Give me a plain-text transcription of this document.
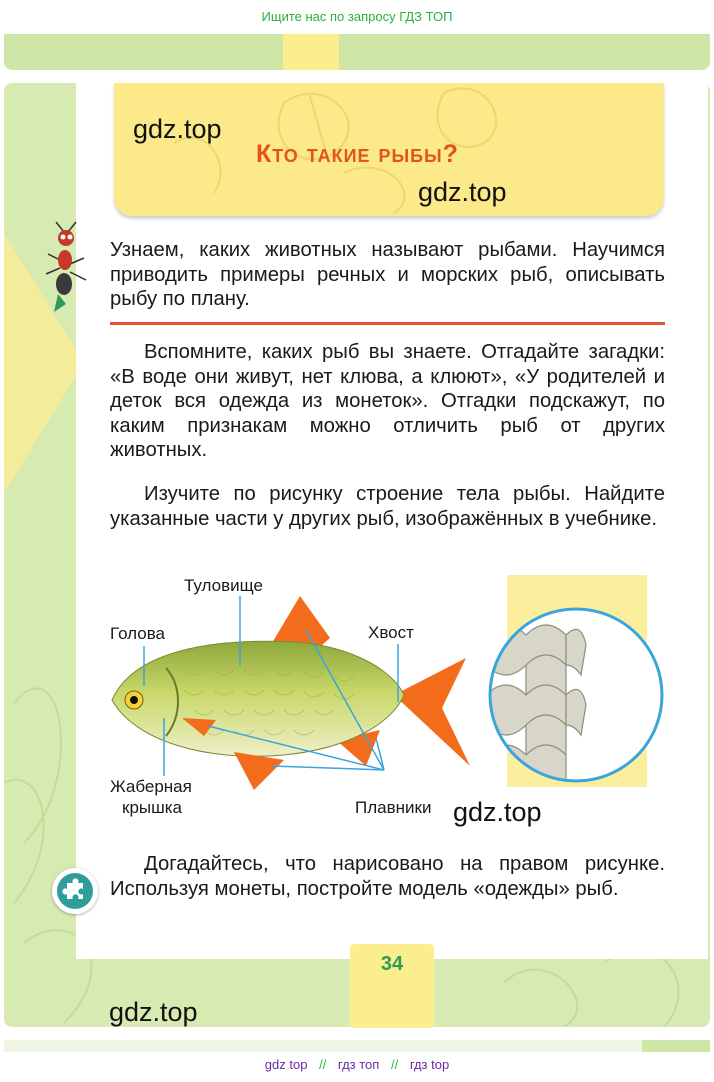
Ищите нас по запросу ГДЗ ТОП
Кто такие рыбы?
gdz.top
gdz.top
gdz.top
gdz.top

Узнаем, каких животных называют рыбами. Научимся приводить примеры речных и морских рыб, описывать рыбу по плану.

Вспомните, каких рыб вы знаете. Отгадайте загадки: «В воде они живут, нет клюва, а клюют», «У родителей и деток вся одежда из монеток». Отгадки подскажут, по каким признакам можно отличить рыб от других животных.

Изучите по рисунку строение тела рыбы. Найдите указанные части у других рыб, изображённых в учебнике.

Туловище
Голова	Хвост
Жаберная
крышка	Плавники

Догадайтесь, что нарисовано на правом рисунке. Используя монеты, постройте модель «одежды» рыб.

34
gdz top // гдз топ // гдз top
